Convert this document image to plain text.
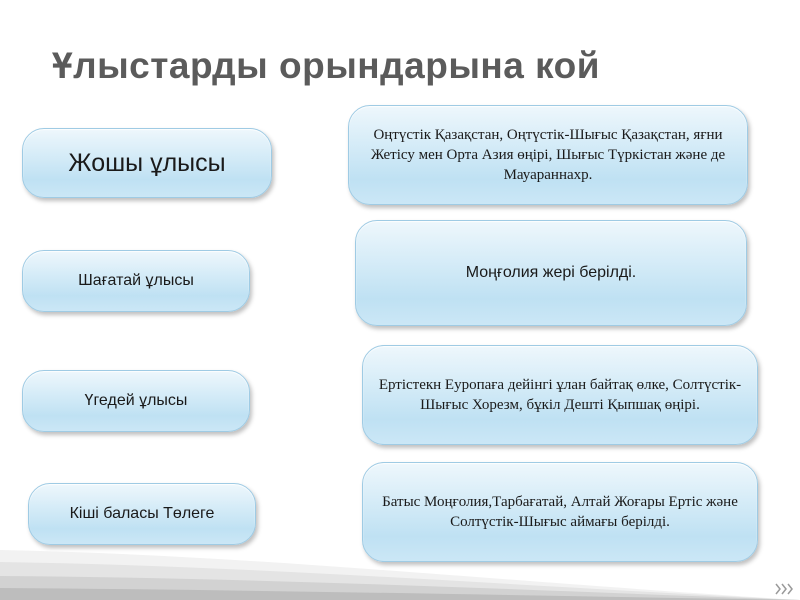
Ұлыстарды орындарына кой
Жошы ұлысы
Шағатай ұлысы
Үгедей ұлысы
Кіші баласы Төлеге
Оңтүстік Қазақстан, Оңтүстік-Шығыс Қазақстан, яғни Жетісу мен Орта Азия өңірі, Шығыс Түркістан және де Мауараннахр.
Моңғолия жері берілді.
Ертістекн Еуропаға дейінгі ұлан байтақ өлке, Солтүстік-Шығыс Хорезм, бұкіл Дешті Қыпшақ өңірі.
Батыс Моңғолия,Тарбағатай, Алтай Жоғары Ертіс және Солтүстік-Шығыс аймағы берілді.
